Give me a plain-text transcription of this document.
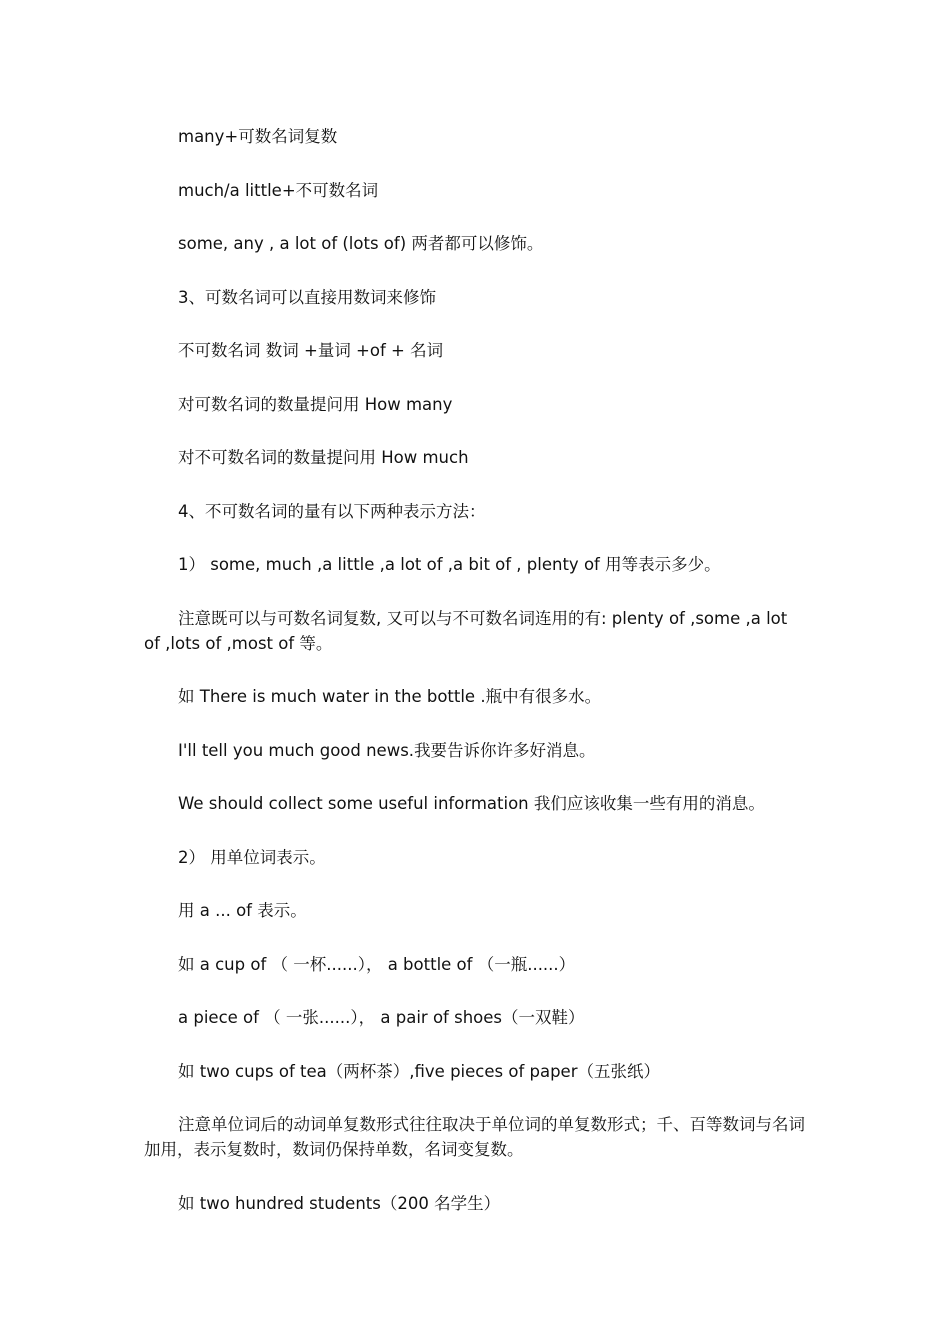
many+可数名词复数

much/a little+不可数名词

some, any , a lot of (lots of) 两者都可以修饰。

3、可数名词可以直接用数词来修饰

不可数名词 数词 +量词 +of + 名词

对可数名词的数量提问用 How many

对不可数名词的数量提问用 How much

4、不可数名词的量有以下两种表示方法：

1） some, much ,a little ,a lot of ,a bit of , plenty of 用等表示多少。

注意既可以与可数名词复数, 又可以与不可数名词连用的有: plenty of ,some ,a lot of ,lots of ,most of 等。

如 There is much water in the bottle .瓶中有很多水。

I'll tell you much good news.我要告诉你许多好消息。

We should collect some useful information 我们应该收集一些有用的消息。

2） 用单位词表示。

用 a ... of 表示。

如 a cup of （ 一杯......）， a bottle of （一瓶......）

a piece of （ 一张......）， a pair of shoes（一双鞋）

如 two cups of tea（两杯茶）,five pieces of paper（五张纸）

注意单位词后的动词单复数形式往往取决于单位词的单复数形式；千、百等数词与名词加用，表示复数时，数词仍保持单数，名词变复数。

如 two hundred students（200 名学生）
